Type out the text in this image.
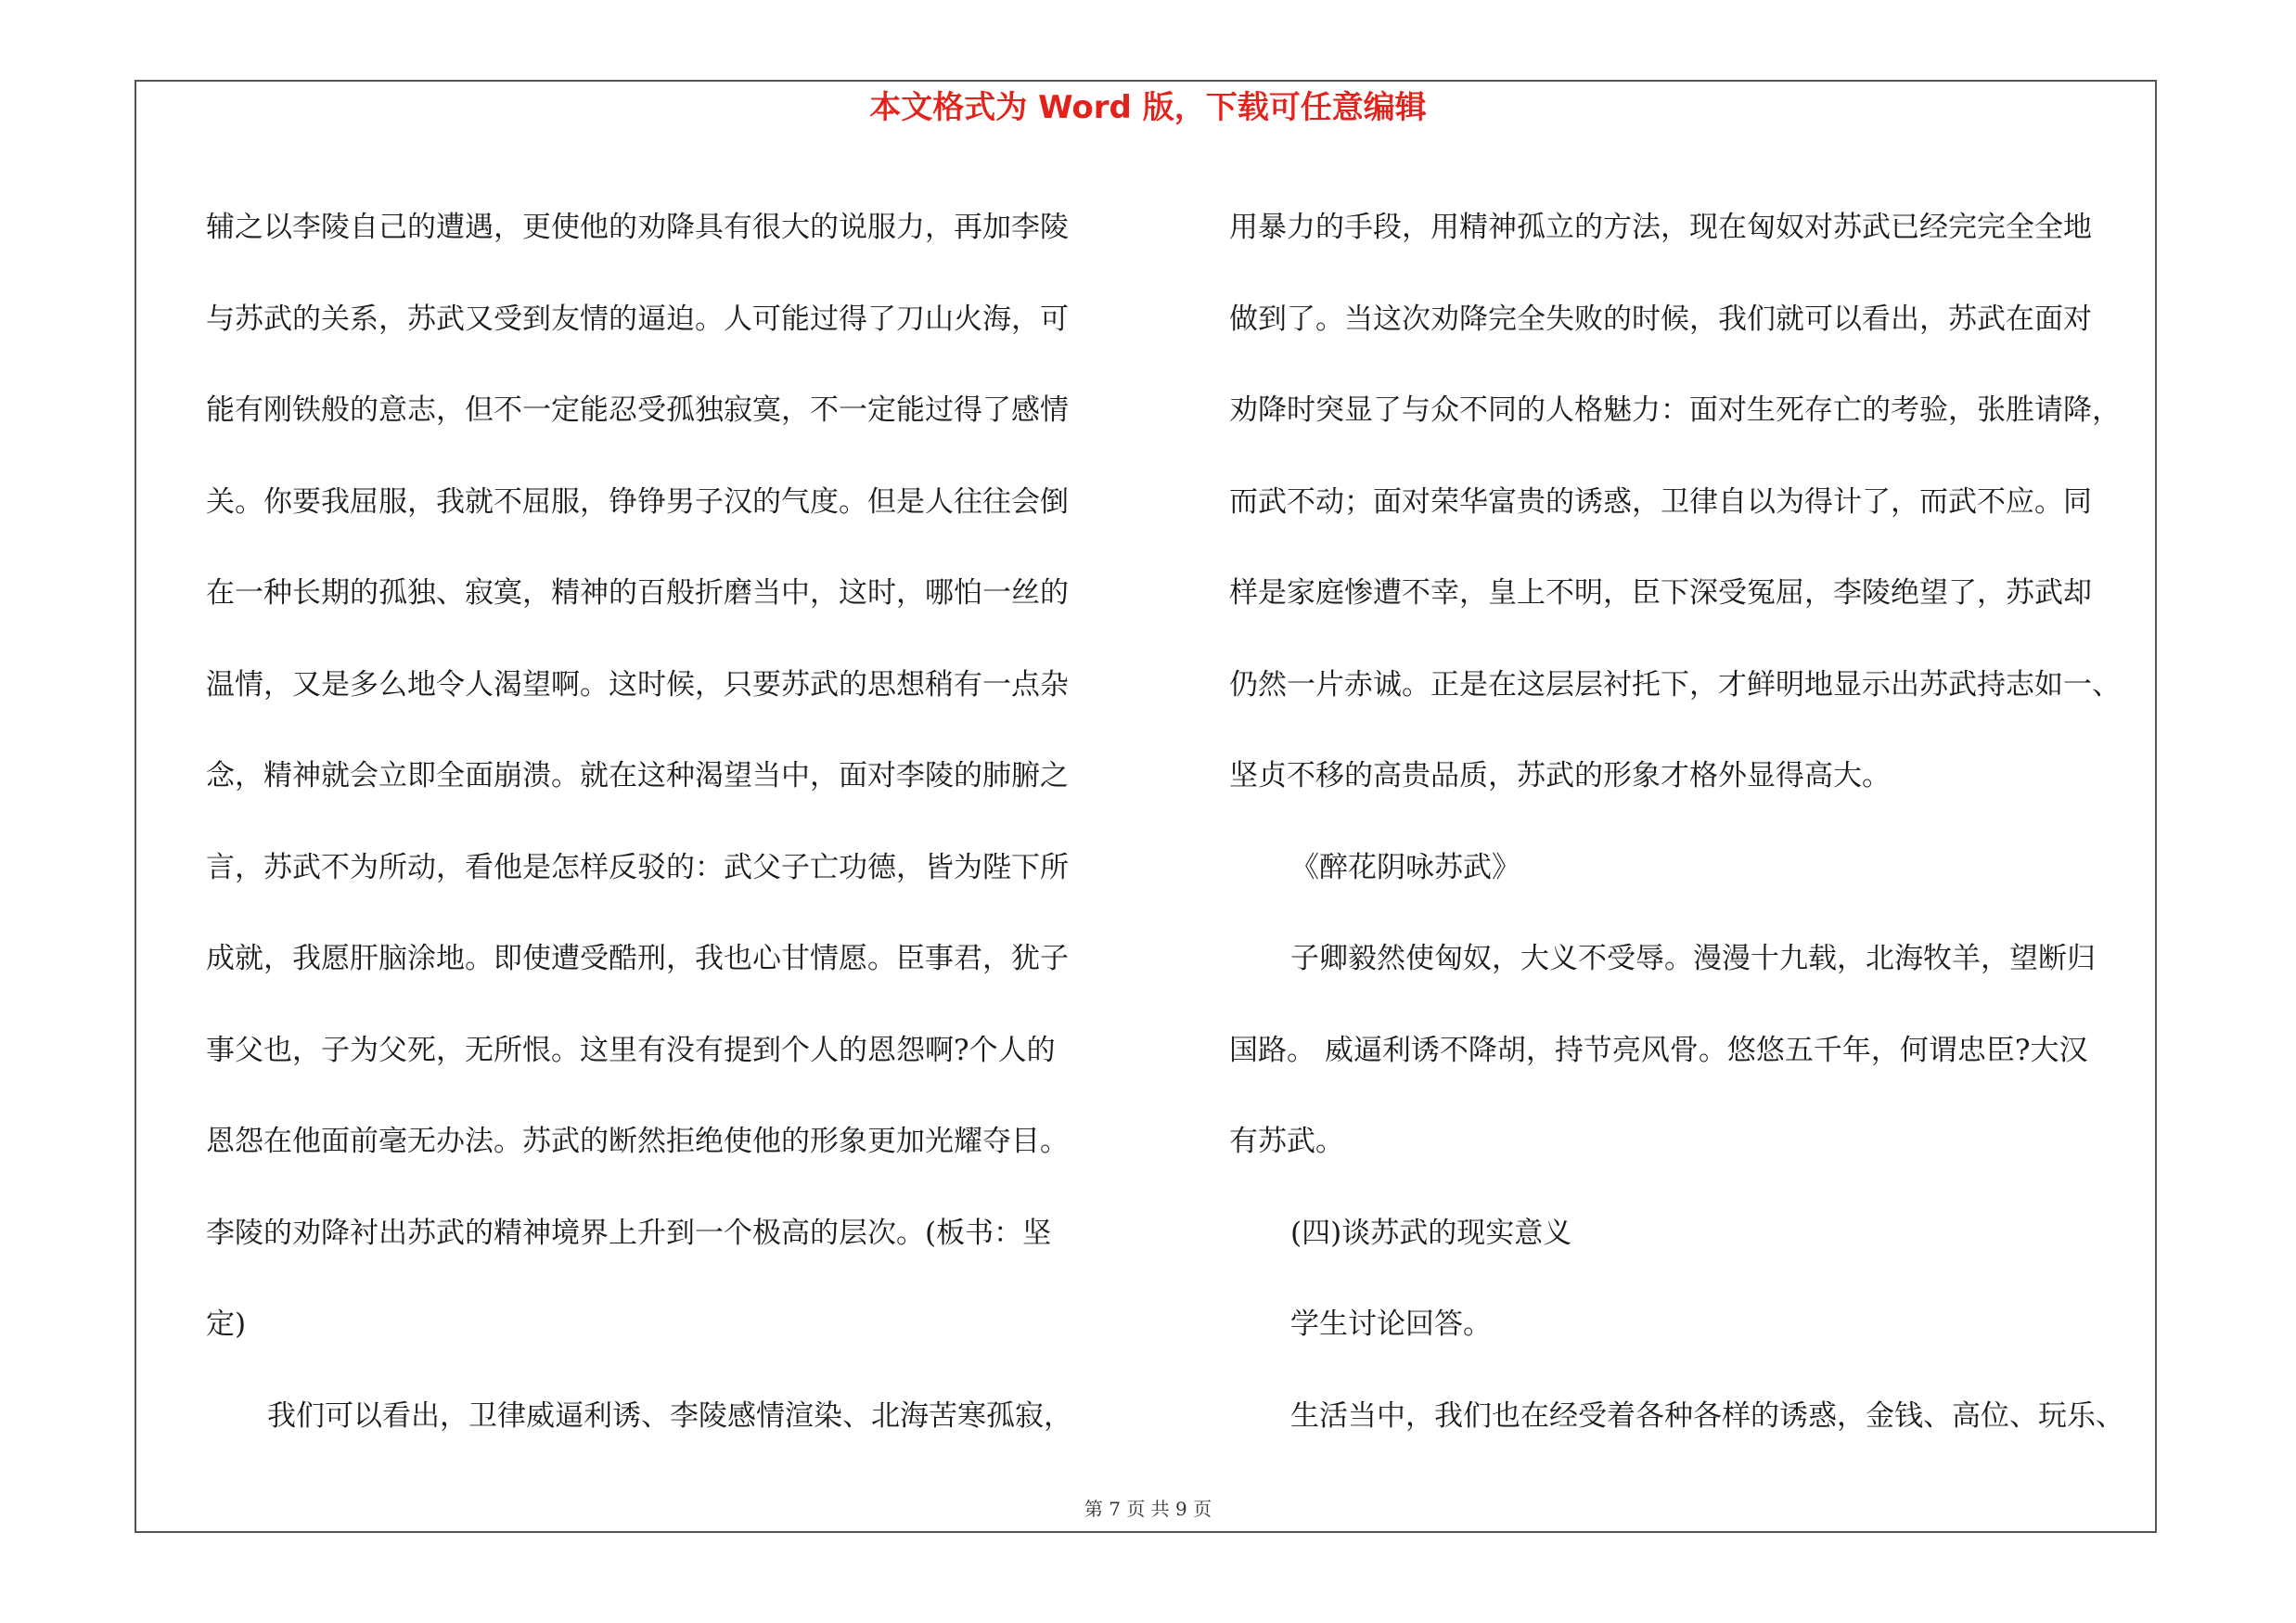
本文格式为 Word 版，下载可任意编辑

辅之以李陵自己的遭遇，更使他的劝降具有很大的说服力，再加李陵

与苏武的关系，苏武又受到友情的逼迫。人可能过得了刀山火海，可

能有刚铁般的意志，但不一定能忍受孤独寂寞，不一定能过得了感情

关。你要我屈服，我就不屈服，铮铮男子汉的气度。但是人往往会倒

在一种长期的孤独、寂寞，精神的百般折磨当中，这时，哪怕一丝的

温情，又是多么地令人渴望啊。这时候，只要苏武的思想稍有一点杂

念，精神就会立即全面崩溃。就在这种渴望当中，面对李陵的肺腑之

言，苏武不为所动，看他是怎样反驳的：武父子亡功德，皆为陛下所

成就，我愿肝脑涂地。即使遭受酷刑，我也心甘情愿。臣事君，犹子

事父也，子为父死，无所恨。这里有没有提到个人的恩怨啊?个人的

恩怨在他面前毫无办法。苏武的断然拒绝使他的形象更加光耀夺目。

李陵的劝降衬出苏武的精神境界上升到一个极高的层次。(板书：坚

定)

我们可以看出，卫律威逼利诱、李陵感情渲染、北海苦寒孤寂，

用暴力的手段，用精神孤立的方法，现在匈奴对苏武已经完完全全地

做到了。当这次劝降完全失败的时候，我们就可以看出，苏武在面对

劝降时突显了与众不同的人格魅力：面对生死存亡的考验，张胜请降，

而武不动；面对荣华富贵的诱惑，卫律自以为得计了，而武不应。同

样是家庭惨遭不幸，皇上不明，臣下深受冤屈，李陵绝望了，苏武却

仍然一片赤诚。正是在这层层衬托下，才鲜明地显示出苏武持志如一、

坚贞不移的高贵品质，苏武的形象才格外显得高大。

《醉花阴咏苏武》

子卿毅然使匈奴，大义不受辱。漫漫十九载，北海牧羊，望断归

国路。 威逼利诱不降胡，持节亮风骨。悠悠五千年，何谓忠臣?大汉

有苏武。

(四)谈苏武的现实意义

学生讨论回答。

生活当中，我们也在经受着各种各样的诱惑，金钱、高位、玩乐、

第 7 页 共 9 页
